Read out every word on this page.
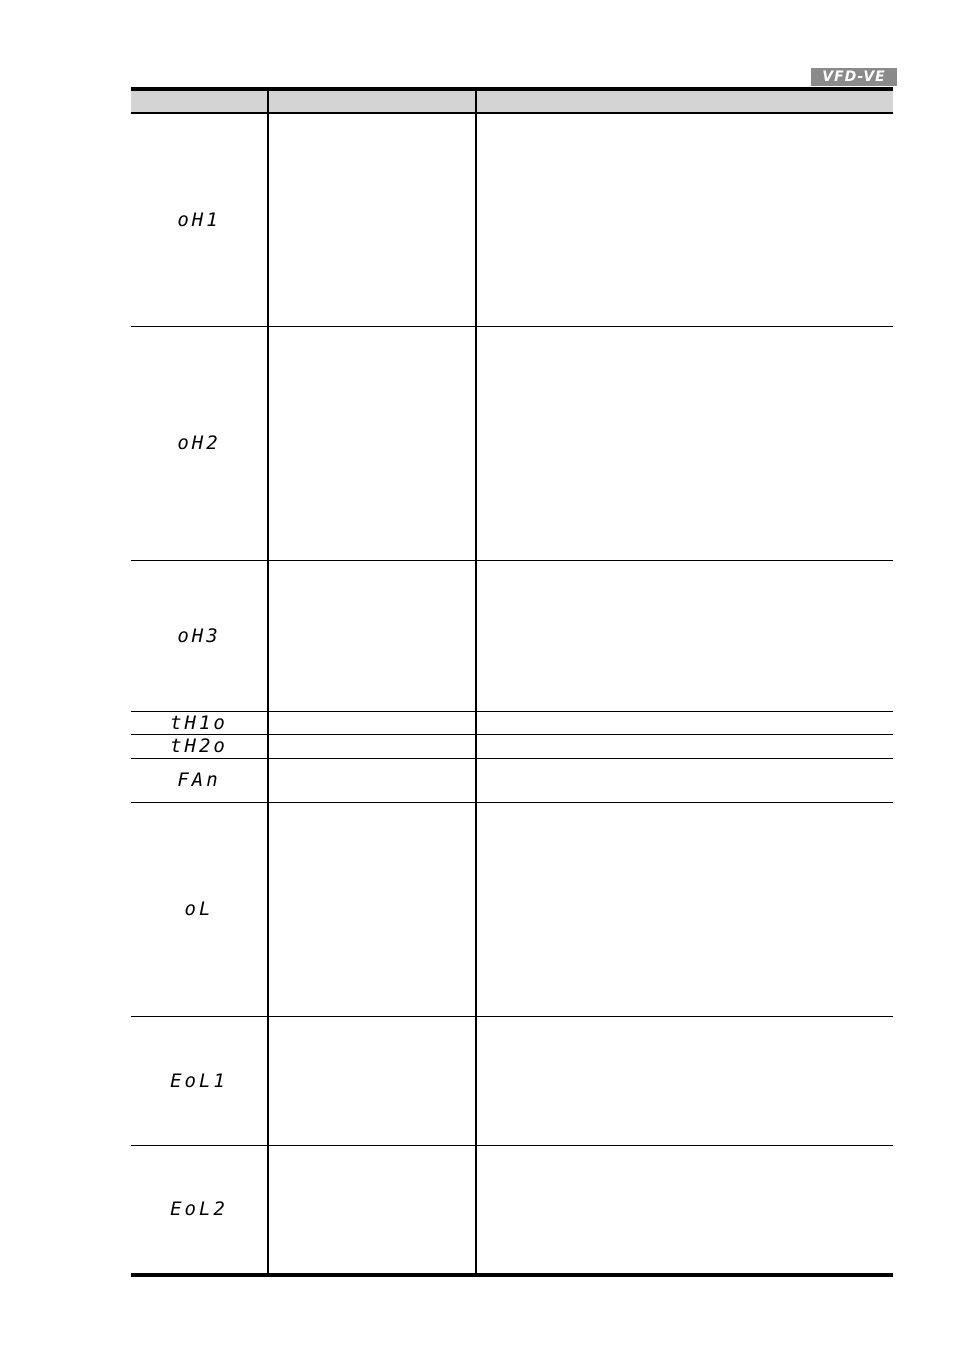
VFD-VE
oH1
oH2
oH3
tH1o
tH2o
FAn
oL
EoL1
EoL2
